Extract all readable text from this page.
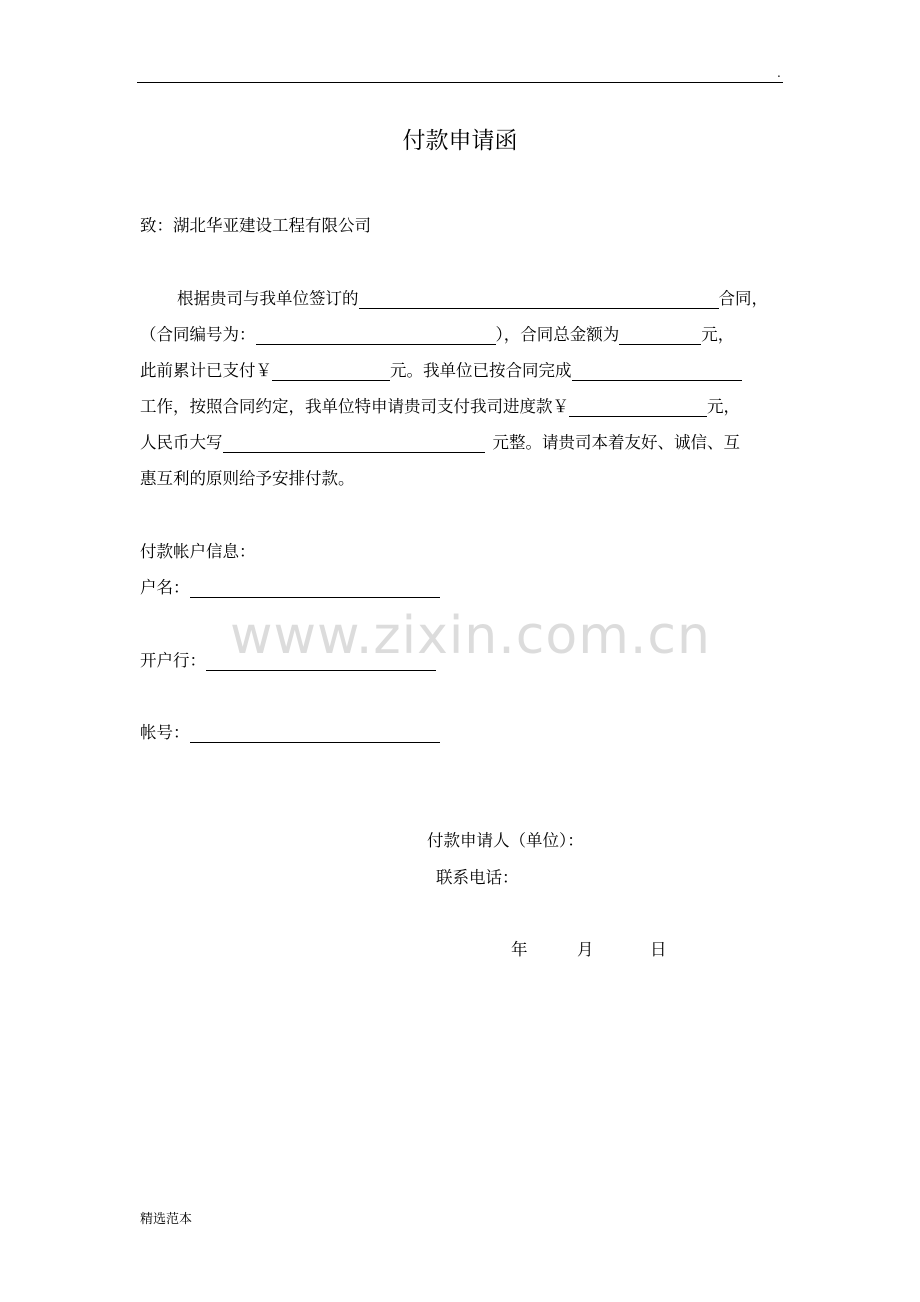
.
付款申请函
致：湖北华亚建设工程有限公司
根据贵司与我单位签订的	合同，
（合同编号为：	），合同总金额为	元，
此前累计已支付￥	元。我单位已按合同完成
工作，按照合同约定，我单位特申请贵司支付我司进度款￥	元，
人民币大写	元整。请贵司本着友好、诚信、互
惠互利的原则给予安排付款。
付款帐户信息：
户名：
开户行：
帐号：
付款申请人（单位）：
联系电话：
年	月	日
www.zixin.com.cn
精选范本
